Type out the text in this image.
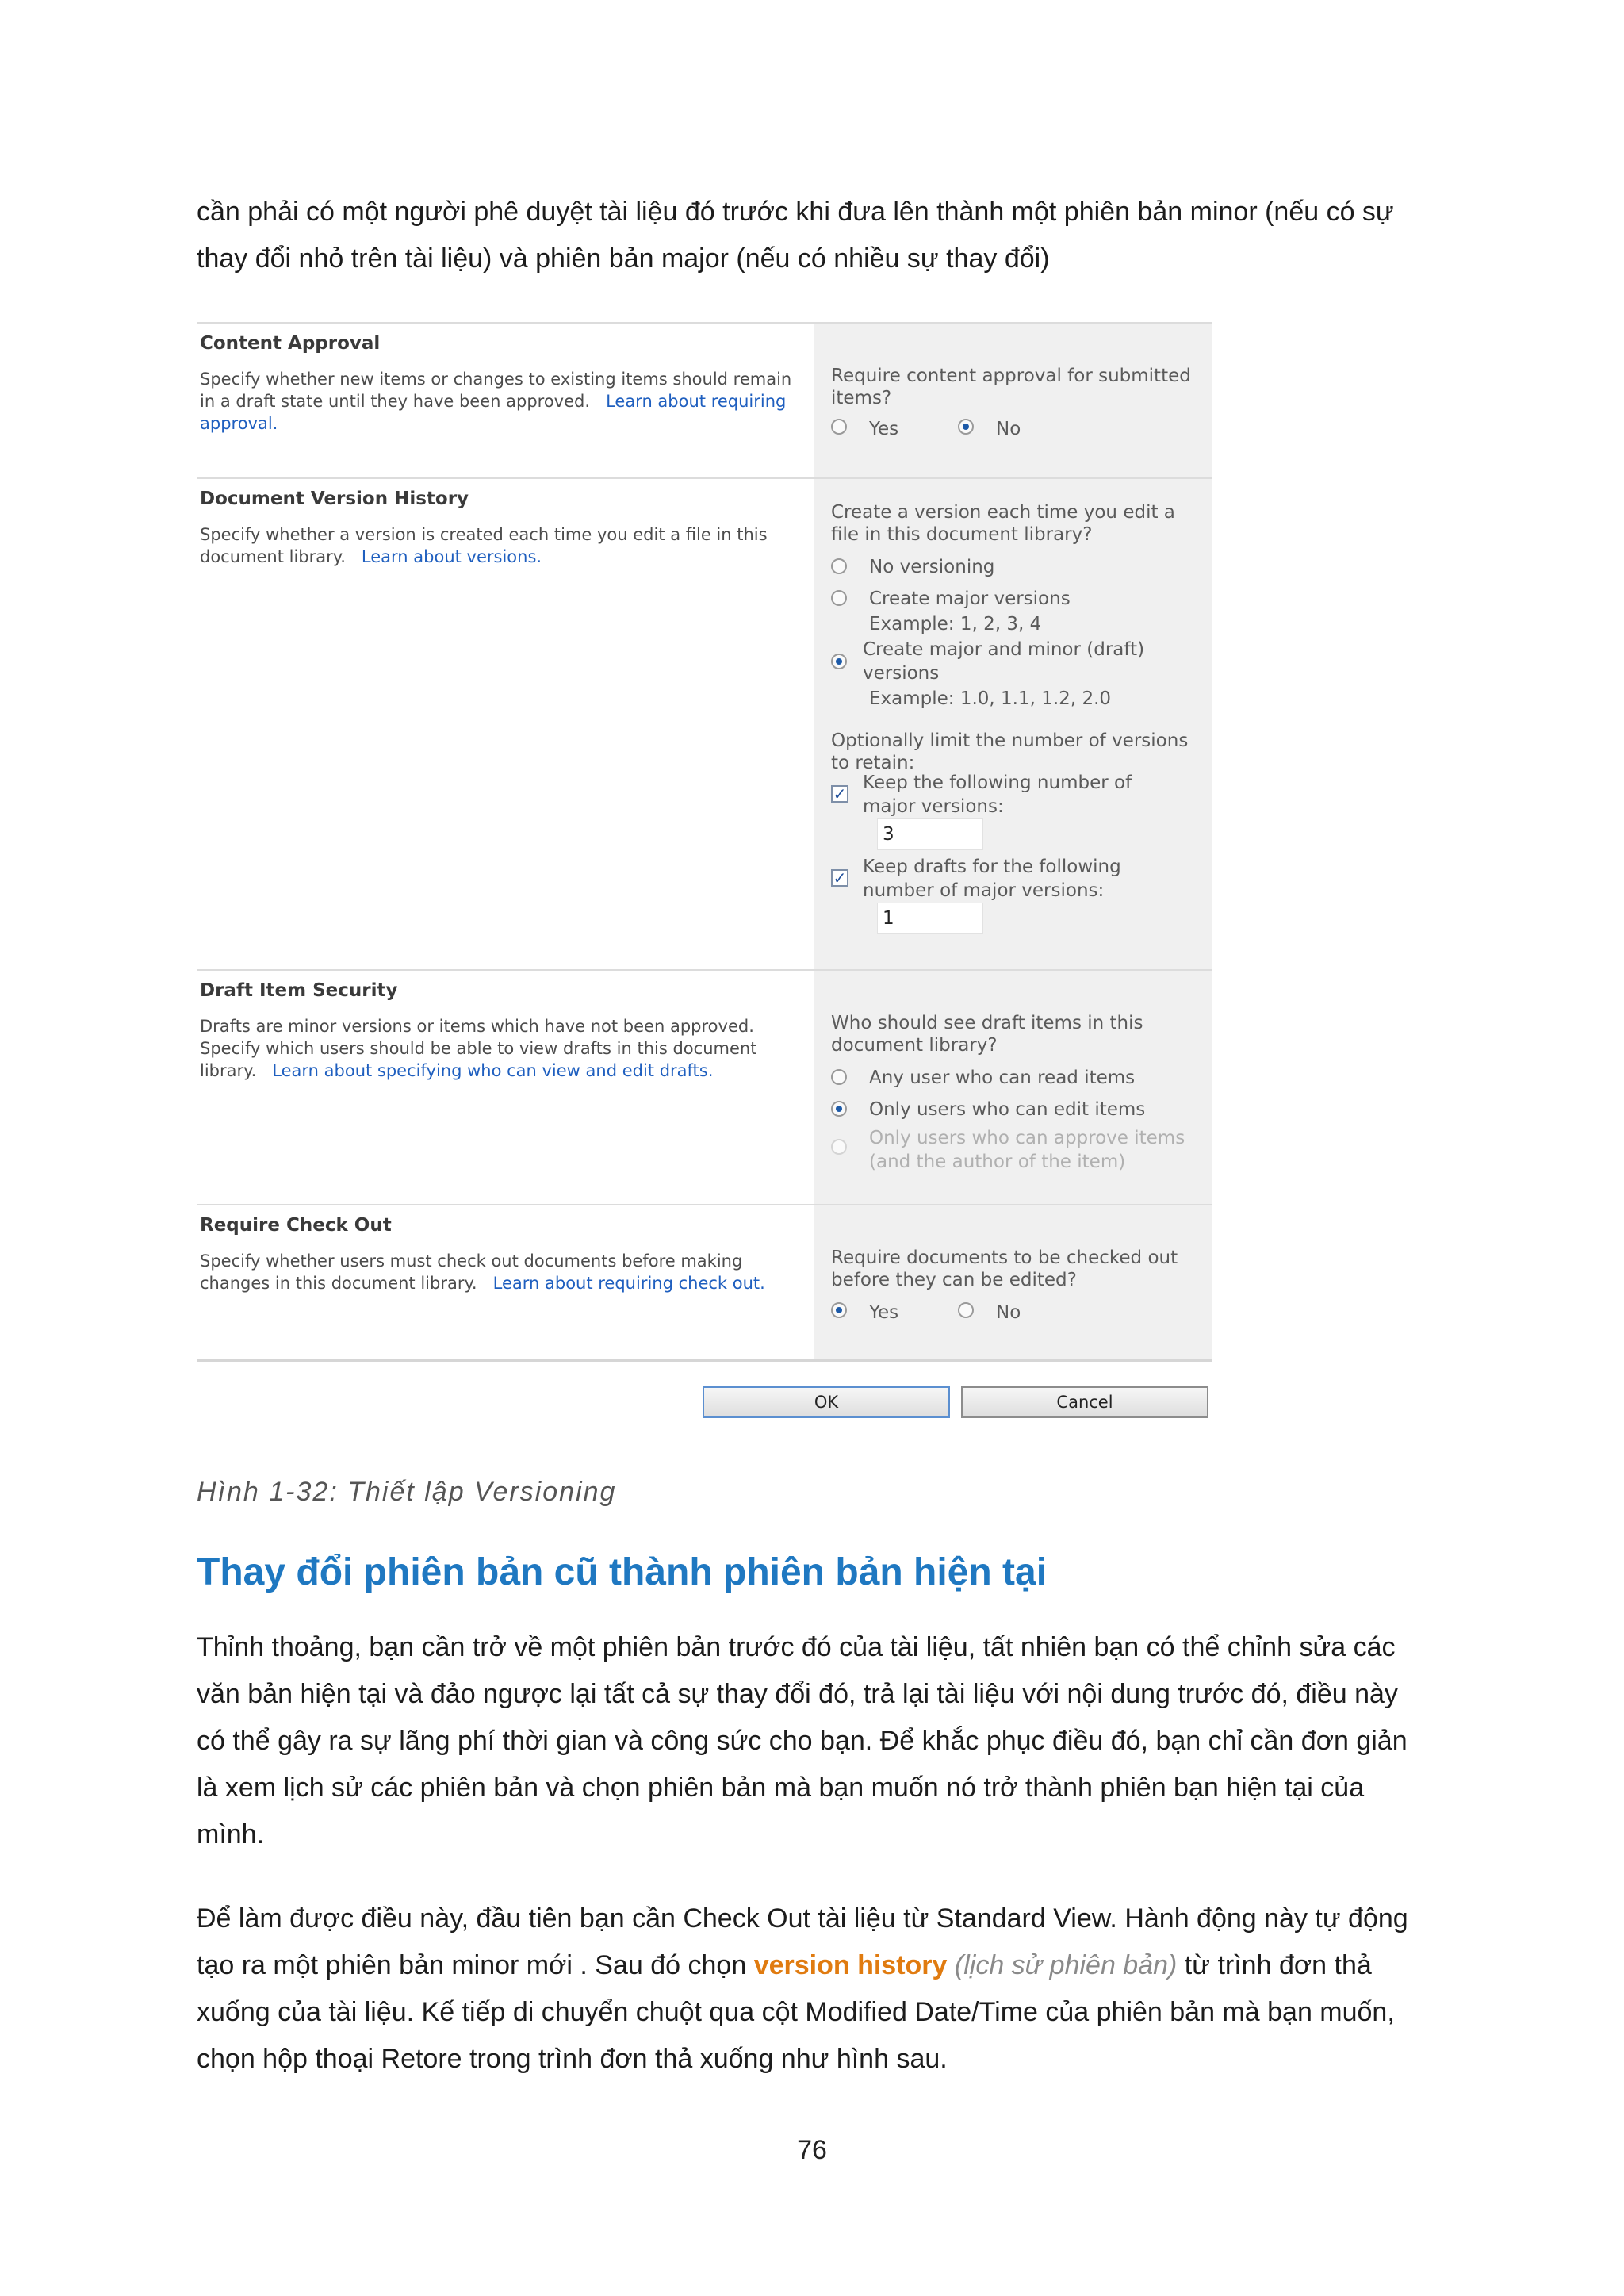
cần phải có một người phê duyệt tài liệu đó trước khi đưa lên thành một phiên bản minor (nếu có sự
thay đổi nhỏ trên tài liệu) và phiên bản major (nếu có nhiều sự thay đổi)

Content Approval
Specify whether new items or changes to existing items should remain in a draft state until they have been approved. Learn about requiring approval.
Require content approval for submitted items?
Yes	No
Document Version History
Specify whether a version is created each time you edit a file in this document library. Learn about versions.
Create a version each time you edit a file in this document library?
No versioning
Create major versions
Example: 1, 2, 3, 4
Create major and minor (draft) versions
Example: 1.0, 1.1, 1.2, 2.0
Optionally limit the number of versions to retain:
✓
Keep the following number of major versions:
3
✓
Keep drafts for the following number of major versions:
1
Draft Item Security
Drafts are minor versions or items which have not been approved. Specify which users should be able to view drafts in this document library. Learn about specifying who can view and edit drafts.
Who should see draft items in this document library?
Any user who can read items
Only users who can edit items
Only users who can approve items (and the author of the item)
Require Check Out
Specify whether users must check out documents before making changes in this document library. Learn about requiring check out.
Require documents to be checked out before they can be edited?
Yes	No
OK	Cancel
Hình 1-32: Thiết lập Versioning
Thay đổi phiên bản cũ thành phiên bản hiện tại

Thỉnh thoảng, bạn cần trở về một phiên bản trước đó của tài liệu, tất nhiên bạn có thể chỉnh sửa các
văn bản hiện tại và đảo ngược lại tất cả sự thay đổi đó, trả lại tài liệu với nội dung trước đó, điều này
có thể gây ra sự lãng phí thời gian và công sức cho bạn. Để khắc phục điều đó, bạn chỉ cần đơn giản
là xem lịch sử các phiên bản và chọn phiên bản mà bạn muốn nó trở thành phiên bạn hiện tại của
mình.

Để làm được điều này, đầu tiên bạn cần Check Out tài liệu từ Standard View. Hành động này tự động
tạo ra một phiên bản minor mới . Sau đó chọn version history (lịch sử phiên bản) từ trình đơn thả
xuống của tài liệu. Kế tiếp di chuyển chuột qua cột Modified Date/Time của phiên bản mà bạn muốn,
chọn hộp thoại Retore trong trình đơn thả xuống như hình sau.

76
